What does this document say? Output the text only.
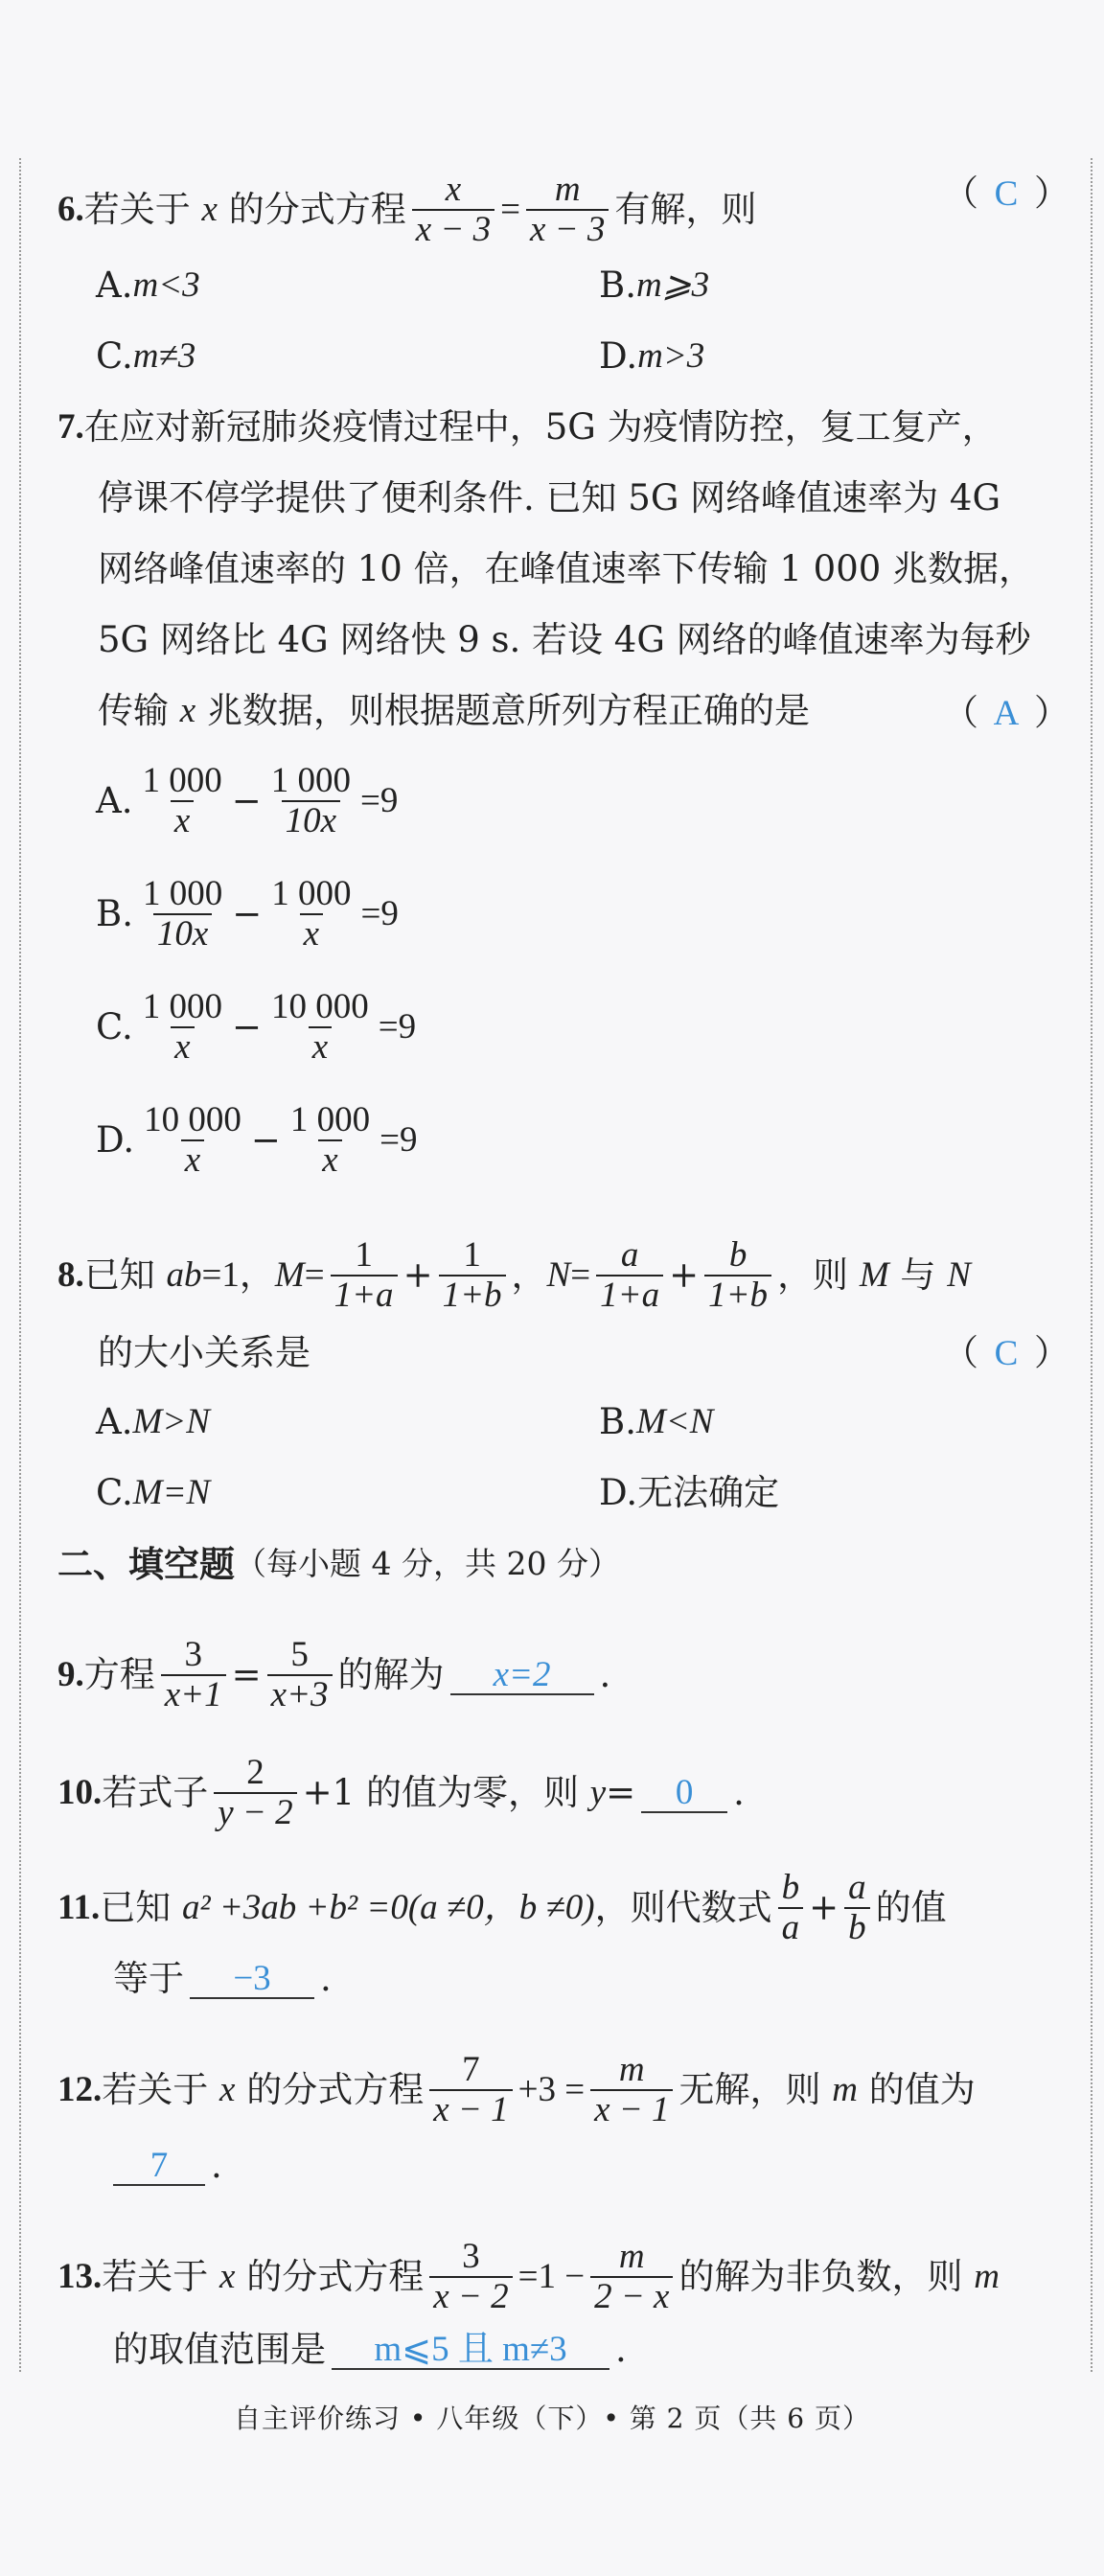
6. 若关于
x
的分式方程 $\frac{x}{x - 3} = \frac{m}{x - 3}$ 有解，则	（ C ）
A. m<3	B. m⩾3
C. m≠3	D. m>3
7. 在应对新冠肺炎疫情过程中，5G 为疫情防控，复工复产，
停课不停学提供了便利条件. 已知 5G 网络峰值速率为 4G
网络峰值速率的 10 倍，在峰值速率下传输 1 000 兆数据，
5G 网络比 4G 网络快 9 s. 若设 4G 网络的峰值速率为每秒
传输
x
兆数据，则根据题意所列方程正确的是	（ A ）
A. $\frac{1 000}{x} - \frac{1 000}{10x} =9$
B. $\frac{1 000}{10x} - \frac{1 000}{x} =9$
C. $\frac{1 000}{x} - \frac{10 000}{x} =9$
D. $\frac{10 000}{x} - \frac{1 000}{x} =9$
8. 已知
ab =1， $M = \frac{1}{1+a} + \frac{1}{1+b}$ ， $N = \frac{a}{1+a} + \frac{b}{1+b}$ ，则
M
与
N
的大小关系是	（ C ）
A. M>N	B. M<N
C. M=N	D. 无法确定
二、填空题 （每小题 4 分，共 20 分）
9. 方程 $\frac{3}{x+1} = \frac{5}{x+3}$ 的解为	x=2	.
10. 若式子 $\frac{2}{y - 2} +1$ 的值为零，则
y =	0	.
11. 已知
a² +3ab +b² =0(a ≠0，b ≠0) ，则代数式 $\frac{b}{a} + \frac{a}{b}$ 的值
等于	−3	.
12. 若关于
x
的分式方程 $\frac{7}{x - 1} +3 = \frac{m}{x - 1}$ 无解，则
m
的值为
7	.
13. 若关于
x
的分式方程 $\frac{3}{x - 2} =1 - \frac{m}{2 - x}$ 的解为非负数，则
m
的取值范围是	m⩽5 且 m≠3	.
自主评价练习 • 八年级（下）• 第 2 页（共 6 页）
